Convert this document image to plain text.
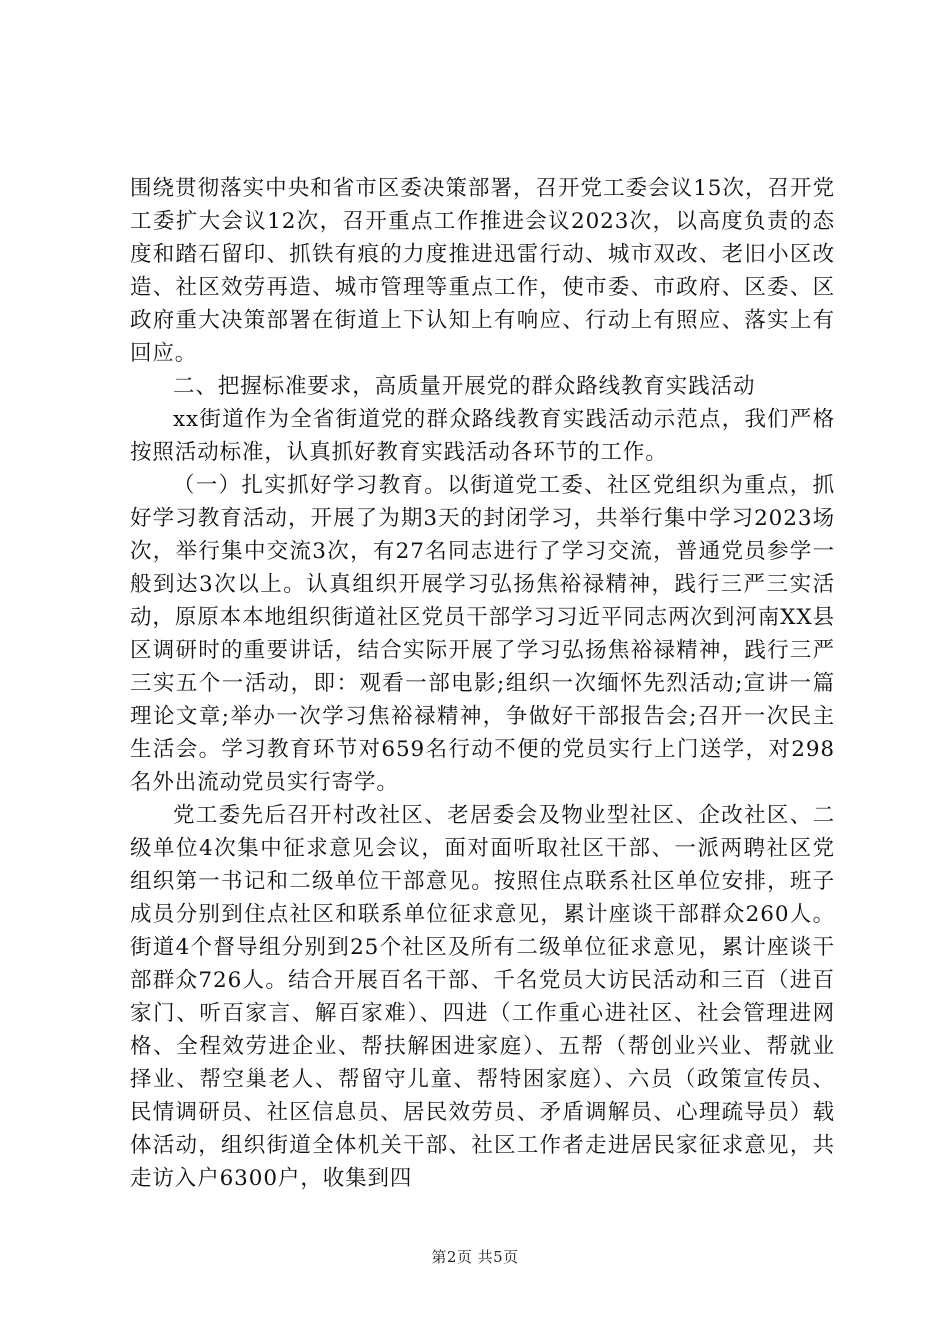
围绕贯彻落实中央和省市区委决策部署，召开党工委会议15次，召开党工委扩大会议12次，召开重点工作推进会议2023次，以高度负责的态度和踏石留印、抓铁有痕的力度推进迅雷行动、城市双改、老旧小区改造、社区效劳再造、城市管理等重点工作，使市委、市政府、区委、区政府重大决策部署在街道上下认知上有响应、行动上有照应、落实上有回应。

二、把握标准要求，高质量开展党的群众路线教育实践活动

xx街道作为全省街道党的群众路线教育实践活动示范点，我们严格按照活动标准，认真抓好教育实践活动各环节的工作。

（一）扎实抓好学习教育。以街道党工委、社区党组织为重点，抓好学习教育活动，开展了为期3天的封闭学习，共举行集中学习2023场次，举行集中交流3次，有27名同志进行了学习交流，普通党员参学一般到达3次以上。认真组织开展学习弘扬焦裕禄精神，践行三严三实活动，原原本本地组织街道社区党员干部学习习近平同志两次到河南XX县区调研时的重要讲话，结合实际开展了学习弘扬焦裕禄精神，践行三严三实五个一活动，即：观看一部电影;组织一次缅怀先烈活动;宣讲一篇理论文章;举办一次学习焦裕禄精神，争做好干部报告会;召开一次民主生活会。学习教育环节对659名行动不便的党员实行上门送学，对298名外出流动党员实行寄学。

党工委先后召开村改社区、老居委会及物业型社区、企改社区、二级单位4次集中征求意见会议，面对面听取社区干部、一派两聘社区党组织第一书记和二级单位干部意见。按照住点联系社区单位安排，班子成员分别到住点社区和联系单位征求意见，累计座谈干部群众260人。街道4个督导组分别到25个社区及所有二级单位征求意见，累计座谈干部群众726人。结合开展百名干部、千名党员大访民活动和三百（进百家门、听百家言、解百家难）、四进（工作重心进社区、社会管理进网格、全程效劳进企业、帮扶解困进家庭）、五帮（帮创业兴业、帮就业择业、帮空巢老人、帮留守儿童、帮特困家庭）、六员（政策宣传员、民情调研员、社区信息员、居民效劳员、矛盾调解员、心理疏导员）载体活动，组织街道全体机关干部、社区工作者走进居民家征求意见，共走访入户6300户，收集到四

第2页 共5页
